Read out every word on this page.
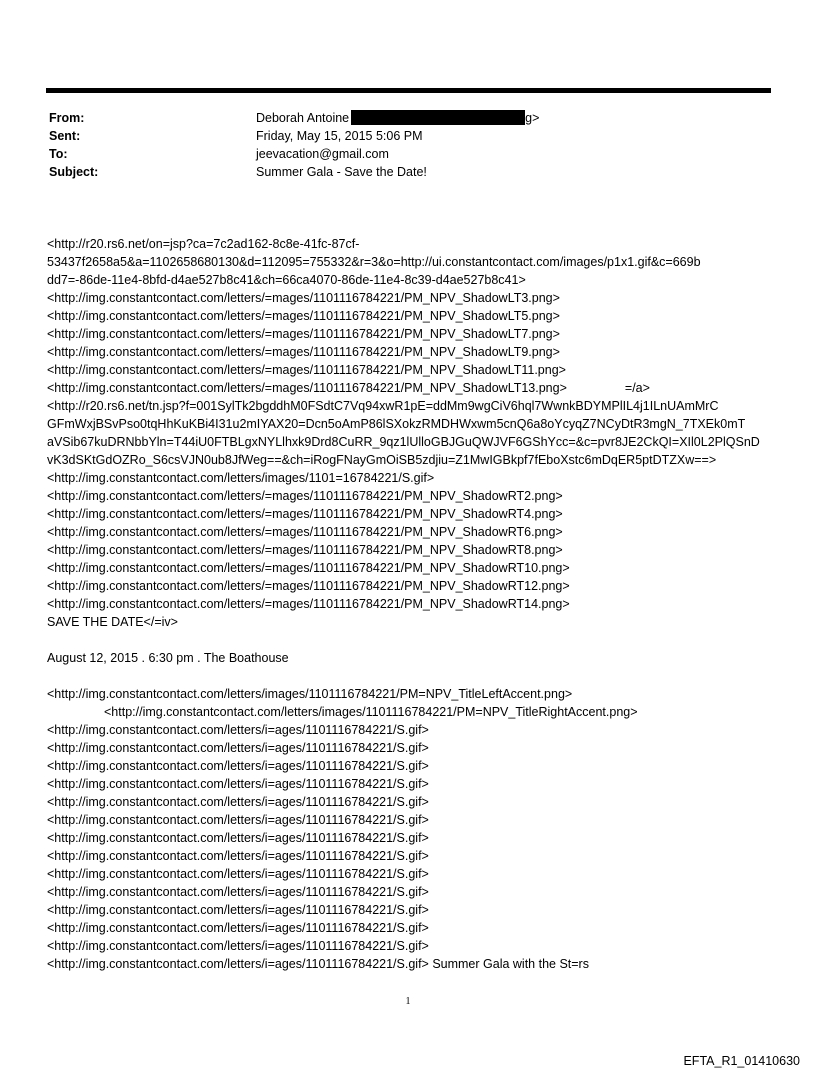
From:	Deborah Antoine	g>
Sent:	Friday, May 15, 2015 5:06 PM
To:	jeevacation@gmail.com
Subject:	Summer Gala - Save the Date!
<http://r20.rs6.net/on=jsp?ca=7c2ad162-8c8e-41fc-87cf-
53437f2658a5&a=1102658680130&d=112095=755332&r=3&o=http://ui.constantcontact.com/images/p1x1.gif&c=669b
dd7=-86de-11e4-8bfd-d4ae527b8c41&ch=66ca4070-86de-11e4-8c39-d4ae527b8c41>
<http://img.constantcontact.com/letters/=mages/1101116784221/PM_NPV_ShadowLT3.png>
<http://img.constantcontact.com/letters/=mages/1101116784221/PM_NPV_ShadowLT5.png>
<http://img.constantcontact.com/letters/=mages/1101116784221/PM_NPV_ShadowLT7.png>
<http://img.constantcontact.com/letters/=mages/1101116784221/PM_NPV_ShadowLT9.png>
<http://img.constantcontact.com/letters/=mages/1101116784221/PM_NPV_ShadowLT11.png>
<http://img.constantcontact.com/letters/=mages/1101116784221/PM_NPV_ShadowLT13.png>	=/a>
<http://r20.rs6.net/tn.jsp?f=001SylTk2bgddhM0FSdtC7Vq94xwR1pE=ddMm9wgCiV6hql7WwnkBDYMPlIL4j1ILnUAmMrC
GFmWxjBSvPso0tqHhKuKBi4I31u2mIYAX20=Dcn5oAmP86lSXokzRMDHWxwm5cnQ6a8oYcyqZ7NCyDtR3mgN_7TXEk0mT
aVSib67kuDRNbbYln=T44iU0FTBLgxNYLlhxk9Drd8CuRR_9qz1lUlloGBJGuQWJVF6GShYcc=&c=pvr8JE2CkQI=XIl0L2PlQSnD
vK3dSKtGdOZRo_S6csVJN0ub8JfWeg==&ch=iRogFNayGmOiSB5zdjiu=Z1MwIGBkpf7fEboXstc6mDqER5ptDTZXw==>
<http://img.constantcontact.com/letters/images/1101=16784221/S.gif>
<http://img.constantcontact.com/letters/=mages/1101116784221/PM_NPV_ShadowRT2.png>
<http://img.constantcontact.com/letters/=mages/1101116784221/PM_NPV_ShadowRT4.png>
<http://img.constantcontact.com/letters/=mages/1101116784221/PM_NPV_ShadowRT6.png>
<http://img.constantcontact.com/letters/=mages/1101116784221/PM_NPV_ShadowRT8.png>
<http://img.constantcontact.com/letters/=mages/1101116784221/PM_NPV_ShadowRT10.png>
<http://img.constantcontact.com/letters/=mages/1101116784221/PM_NPV_ShadowRT12.png>
<http://img.constantcontact.com/letters/=mages/1101116784221/PM_NPV_ShadowRT14.png>
SAVE THE DATE</=iv>
August 12, 2015 . 6:30 pm . The Boathouse
<http://img.constantcontact.com/letters/images/1101116784221/PM=NPV_TitleLeftAccent.png>
<http://img.constantcontact.com/letters/images/1101116784221/PM=NPV_TitleRightAccent.png>
<http://img.constantcontact.com/letters/i=ages/1101116784221/S.gif>
<http://img.constantcontact.com/letters/i=ages/1101116784221/S.gif>
<http://img.constantcontact.com/letters/i=ages/1101116784221/S.gif>
<http://img.constantcontact.com/letters/i=ages/1101116784221/S.gif>
<http://img.constantcontact.com/letters/i=ages/1101116784221/S.gif>
<http://img.constantcontact.com/letters/i=ages/1101116784221/S.gif>
<http://img.constantcontact.com/letters/i=ages/1101116784221/S.gif>
<http://img.constantcontact.com/letters/i=ages/1101116784221/S.gif>
<http://img.constantcontact.com/letters/i=ages/1101116784221/S.gif>
<http://img.constantcontact.com/letters/i=ages/1101116784221/S.gif>
<http://img.constantcontact.com/letters/i=ages/1101116784221/S.gif>
<http://img.constantcontact.com/letters/i=ages/1101116784221/S.gif>
<http://img.constantcontact.com/letters/i=ages/1101116784221/S.gif>
<http://img.constantcontact.com/letters/i=ages/1101116784221/S.gif> Summer Gala with the St=rs
1
EFTA_R1_01410630
